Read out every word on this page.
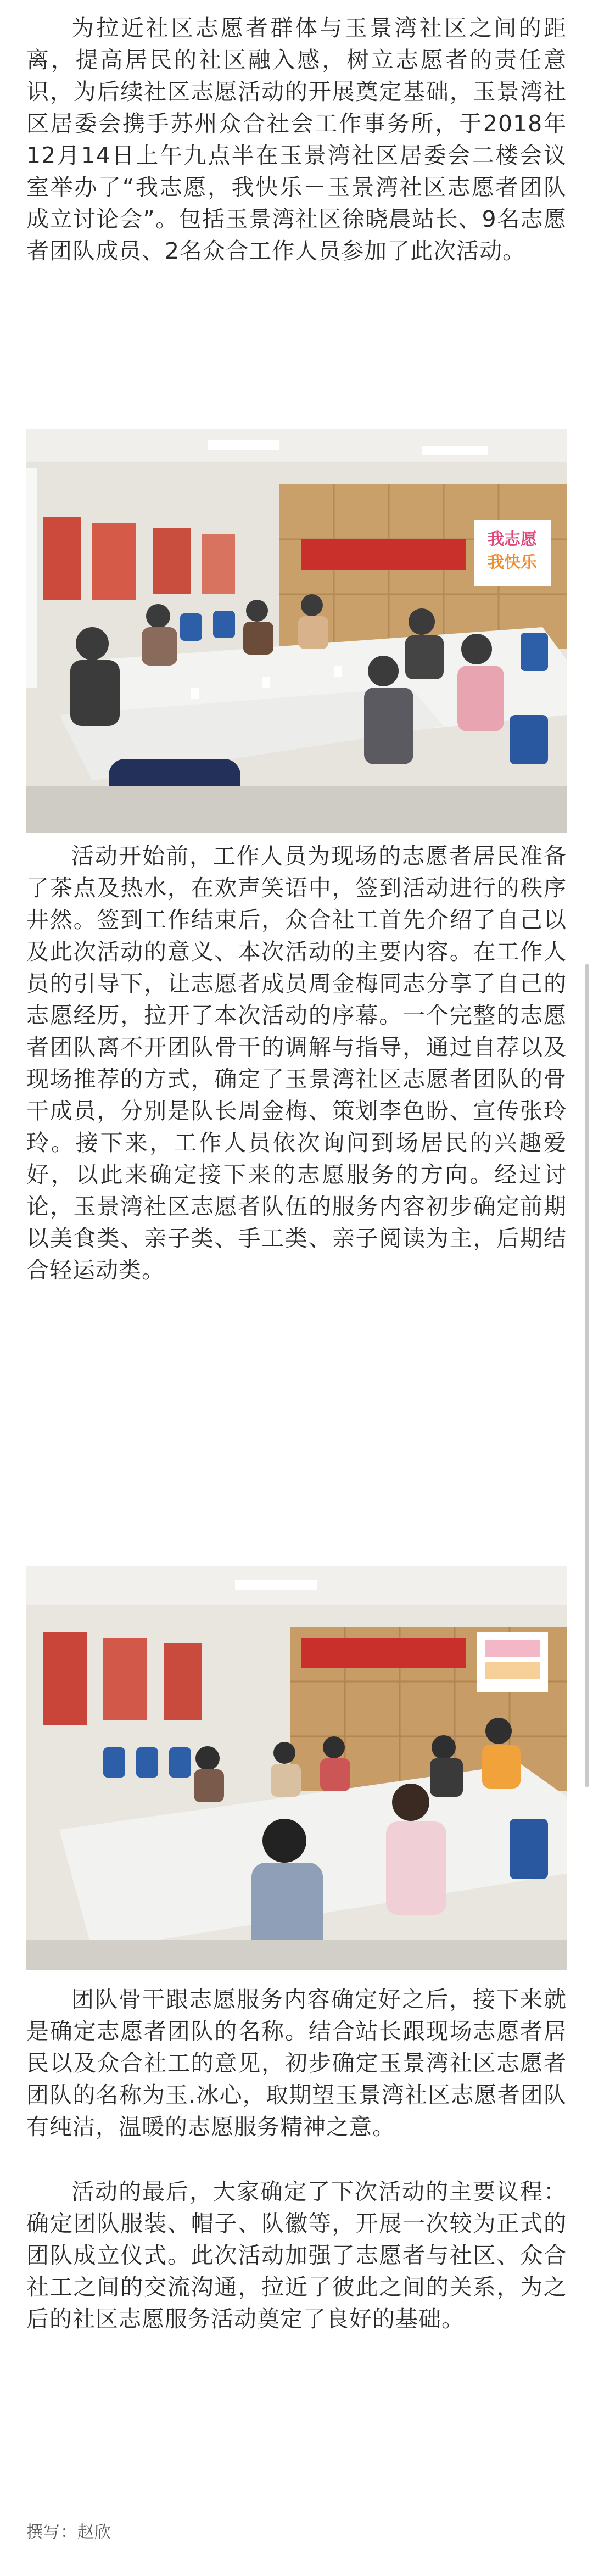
为拉近社区志愿者群体与玉景湾社区之间的距离，提高居民的社区融入感，树立志愿者的责任意识，为后续社区志愿活动的开展奠定基础，玉景湾社区居委会携手苏州众合社会工作事务所，于2018年12月14日上午九点半在玉景湾社区居委会二楼会议室举办了“我志愿，我快乐－玉景湾社区志愿者团队成立讨论会”。包括玉景湾社区徐晓晨站长、9名志愿者团队成员、2名众合工作人员参加了此次活动。

我志愿
我快乐

活动开始前，工作人员为现场的志愿者居民准备了茶点及热水，在欢声笑语中，签到活动进行的秩序井然。签到工作结束后，众合社工首先介绍了自己以及此次活动的意义、本次活动的主要内容。在工作人员的引导下，让志愿者成员周金梅同志分享了自己的志愿经历，拉开了本次活动的序幕。一个完整的志愿者团队离不开团队骨干的调解与指导，通过自荐以及现场推荐的方式，确定了玉景湾社区志愿者团队的骨干成员，分别是队长周金梅、策划李色盼、宣传张玲玲。接下来，工作人员依次询问到场居民的兴趣爱好，以此来确定接下来的志愿服务的方向。经过讨论，玉景湾社区志愿者队伍的服务内容初步确定前期以美食类、亲子类、手工类、亲子阅读为主，后期结合轻运动类。

团队骨干跟志愿服务内容确定好之后，接下来就是确定志愿者团队的名称。结合站长跟现场志愿者居民以及众合社工的意见，初步确定玉景湾社区志愿者团队的名称为玉.冰心，取期望玉景湾社区志愿者团队有纯洁，温暖的志愿服务精神之意。

活动的最后，大家确定了下次活动的主要议程：确定团队服装、帽子、队徽等，开展一次较为正式的团队成立仪式。此次活动加强了志愿者与社区、众合社工之间的交流沟通，拉近了彼此之间的关系，为之后的社区志愿服务活动奠定了良好的基础。

撰写：赵欣
